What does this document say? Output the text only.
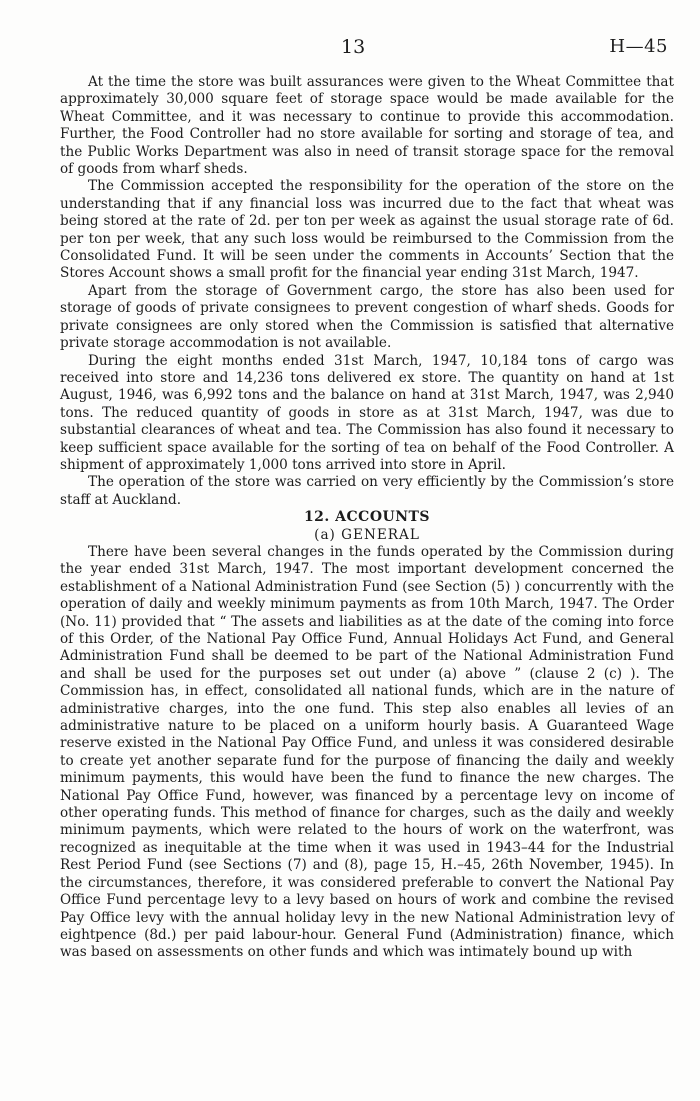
13	H—45

At the time the store was built assurances were given to the Wheat Committee that approximately 30,000 square feet of storage space would be made available for the Wheat Committee, and it was necessary to continue to provide this accommodation. Further, the Food Controller had no store available for sorting and storage of tea, and the Public Works Department was also in need of transit storage space for the removal of goods from wharf sheds.

The Commission accepted the responsibility for the operation of the store on the understanding that if any financial loss was incurred due to the fact that wheat was being stored at the rate of 2d. per ton per week as against the usual storage rate of 6d. per ton per week, that any such loss would be reimbursed to the Commission from the Consolidated Fund. It will be seen under the comments in Accounts’ Section that the Stores Account shows a small profit for the financial year ending 31st March, 1947.

Apart from the storage of Government cargo, the store has also been used for storage of goods of private consignees to prevent congestion of wharf sheds. Goods for private consignees are only stored when the Commission is satisfied that alternative private storage accommodation is not available.

During the eight months ended 31st March, 1947, 10,184 tons of cargo was received into store and 14,236 tons delivered ex store. The quantity on hand at 1st August, 1946, was 6,992 tons and the balance on hand at 31st March, 1947, was 2,940 tons. The reduced quantity of goods in store as at 31st March, 1947, was due to substantial clearances of wheat and tea. The Commission has also found it necessary to keep sufficient space available for the sorting of tea on behalf of the Food Controller. A shipment of approximately 1,000 tons arrived into store in April.

The operation of the store was carried on very efficiently by the Commission’s store staff at Auckland.

12. ACCOUNTS

(a) GENERAL

There have been several changes in the funds operated by the Commission during the year ended 31st March, 1947. The most important development concerned the establishment of a National Administration Fund (see Section (5) ) concurrently with the operation of daily and weekly minimum payments as from 10th March, 1947. The Order (No. 11) provided that “ The assets and liabilities as at the date of the coming into force of this Order, of the National Pay Office Fund, Annual Holidays Act Fund, and General Administration Fund shall be deemed to be part of the National Administration Fund and shall be used for the purposes set out under (a) above ” (clause 2 (c) ). The Commission has, in effect, consolidated all national funds, which are in the nature of administrative charges, into the one fund. This step also enables all levies of an administrative nature to be placed on a uniform hourly basis. A Guaranteed Wage reserve existed in the National Pay Office Fund, and unless it was considered desirable to create yet another separate fund for the purpose of financing the daily and weekly minimum payments, this would have been the fund to finance the new charges. The National Pay Office Fund, however, was financed by a percentage levy on income of other operating funds. This method of finance for charges, such as the daily and weekly minimum payments, which were related to the hours of work on the waterfront, was recognized as inequitable at the time when it was used in 1943–44 for the Industrial Rest Period Fund (see Sections (7) and (8), page 15, H.–45, 26th November, 1945). In the circumstances, therefore, it was considered preferable to convert the National Pay Office Fund percentage levy to a levy based on hours of work and combine the revised Pay Office levy with the annual holiday levy in the new National Administration levy of eightpence (8d.) per paid labour-hour. General Fund (Administration) finance, which was based on assessments on other funds and which was intimately bound up with
